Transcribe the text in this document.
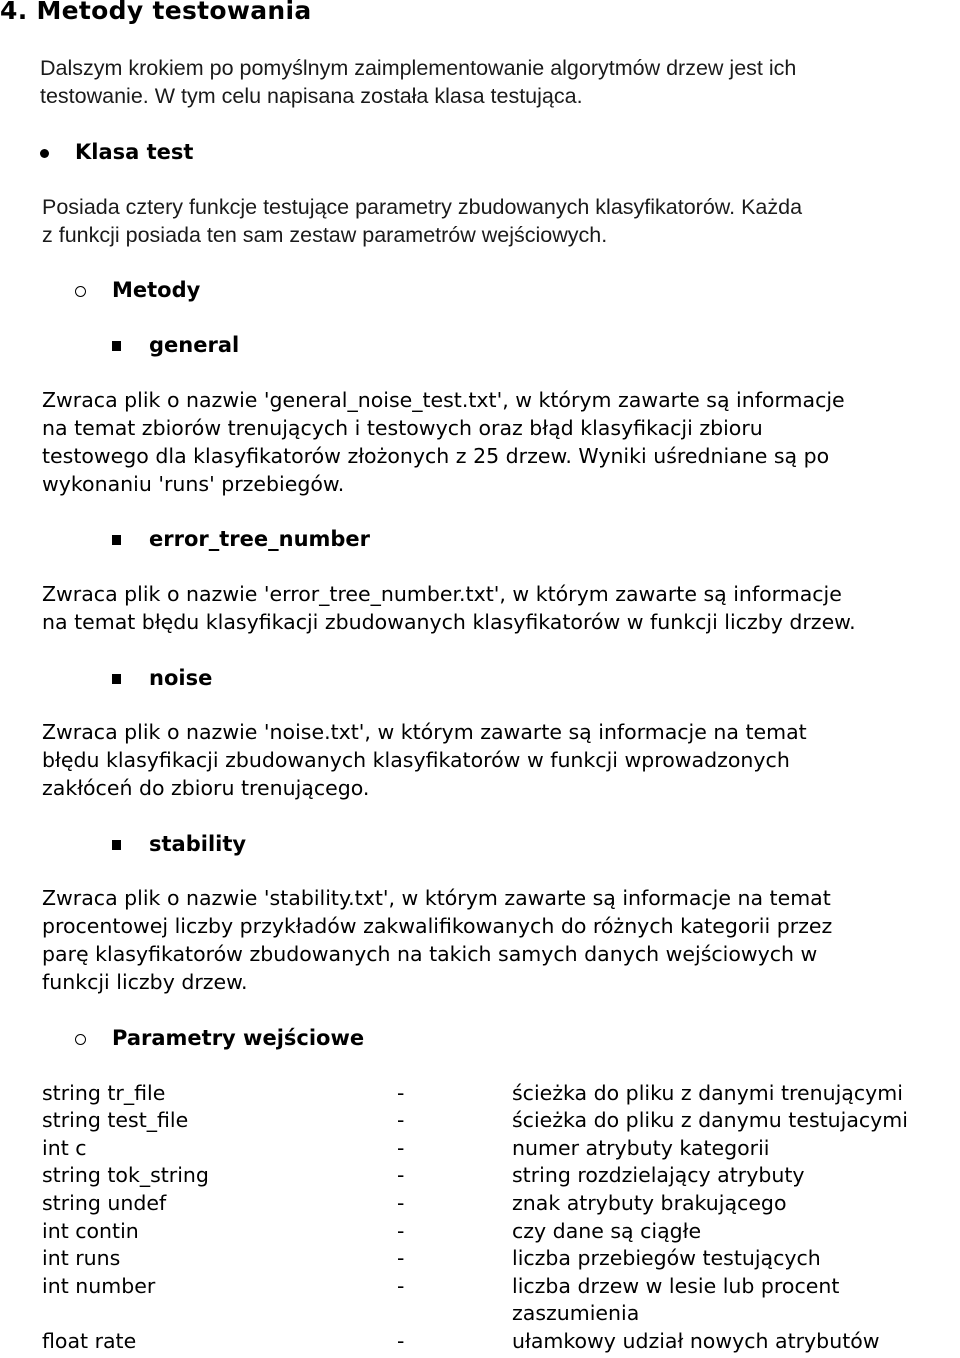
4. Metody testowania
Dalszym krokiem po pomyślnym zaimplementowanie algorytmów drzew jest ich
testowanie. W tym celu napisana została klasa testująca.
Klasa test
Posiada cztery funkcje testujące parametry zbudowanych klasyfikatorów. Każda
z funkcji posiada ten sam zestaw parametrów wejściowych.
Metody
general
Zwraca plik o nazwie 'general_noise_test.txt', w którym zawarte są informacje
na temat zbiorów trenujących i testowych oraz błąd klasyfikacji zbioru
testowego dla klasyfikatorów złożonych z 25 drzew. Wyniki uśredniane są po
wykonaniu 'runs' przebiegów.
error_tree_number
Zwraca plik o nazwie 'error_tree_number.txt', w którym zawarte są informacje
na temat błędu klasyfikacji zbudowanych klasyfikatorów w funkcji liczby drzew.
noise
Zwraca plik o nazwie 'noise.txt', w którym zawarte są informacje na temat
błędu klasyfikacji zbudowanych klasyfikatorów w funkcji wprowadzonych
zakłóceń do zbioru trenującego.
stability
Zwraca plik o nazwie 'stability.txt', w którym zawarte są informacje na temat
procentowej liczby przykładów zakwalifikowanych do różnych kategorii przez
parę klasyfikatorów zbudowanych na takich samych danych wejściowych w
funkcji liczby drzew.
Parametry wejściowe
string tr_file	-	ścieżka do pliku z danymi trenującymi
string test_file	-	ścieżka do pliku z danymu testujacymi
int c	-	numer atrybuty kategorii
string tok_string	-	string rozdzielający atrybuty
string undef	-	znak atrybuty brakującego
int contin	-	czy dane są ciągłe
int runs	-	liczba przebiegów testujących
int number	-	liczba drzew w lesie lub procent
zaszumienia
float rate	-	ułamkowy udział nowych atrybutów
